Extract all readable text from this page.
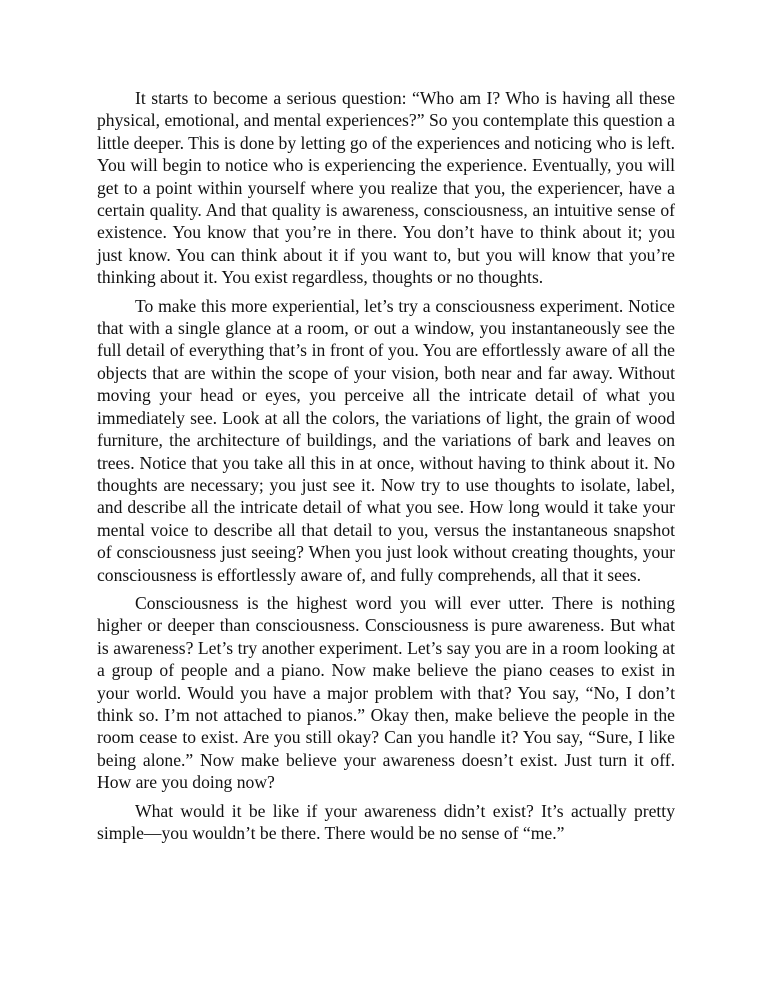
It starts to become a serious question: “Who am I? Who is having all these physical, emotional, and mental experiences?” So you contemplate this question a little deeper. This is done by letting go of the experiences and noticing who is left. You will begin to notice who is experiencing the experience. Eventually, you will get to a point within yourself where you realize that you, the experiencer, have a certain quality. And that quality is awareness, consciousness, an intuitive sense of existence. You know that you’re in there. You don’t have to think about it; you just know. You can think about it if you want to, but you will know that you’re thinking about it. You exist regardless, thoughts or no thoughts.

To make this more experiential, let’s try a consciousness experiment. Notice that with a single glance at a room, or out a window, you instantaneously see the full detail of everything that’s in front of you. You are effortlessly aware of all the objects that are within the scope of your vision, both near and far away. Without moving your head or eyes, you perceive all the intricate detail of what you immediately see. Look at all the colors, the variations of light, the grain of wood furniture, the architecture of buildings, and the variations of bark and leaves on trees. Notice that you take all this in at once, without having to think about it. No thoughts are necessary; you just see it. Now try to use thoughts to isolate, label, and describe all the intricate detail of what you see. How long would it take your mental voice to describe all that detail to you, versus the instantaneous snapshot of consciousness just seeing? When you just look without creating thoughts, your consciousness is effortlessly aware of, and fully comprehends, all that it sees.

Consciousness is the highest word you will ever utter. There is nothing higher or deeper than consciousness. Consciousness is pure awareness. But what is awareness? Let’s try another experiment. Let’s say you are in a room looking at a group of people and a piano. Now make believe the piano ceases to exist in your world. Would you have a major problem with that? You say, “No, I don’t think so. I’m not attached to pianos.” Okay then, make believe the people in the room cease to exist. Are you still okay? Can you handle it? You say, “Sure, I like being alone.” Now make believe your awareness doesn’t exist. Just turn it off. How are you doing now?

What would it be like if your awareness didn’t exist? It’s actually pretty simple—you wouldn’t be there. There would be no sense of “me.”
